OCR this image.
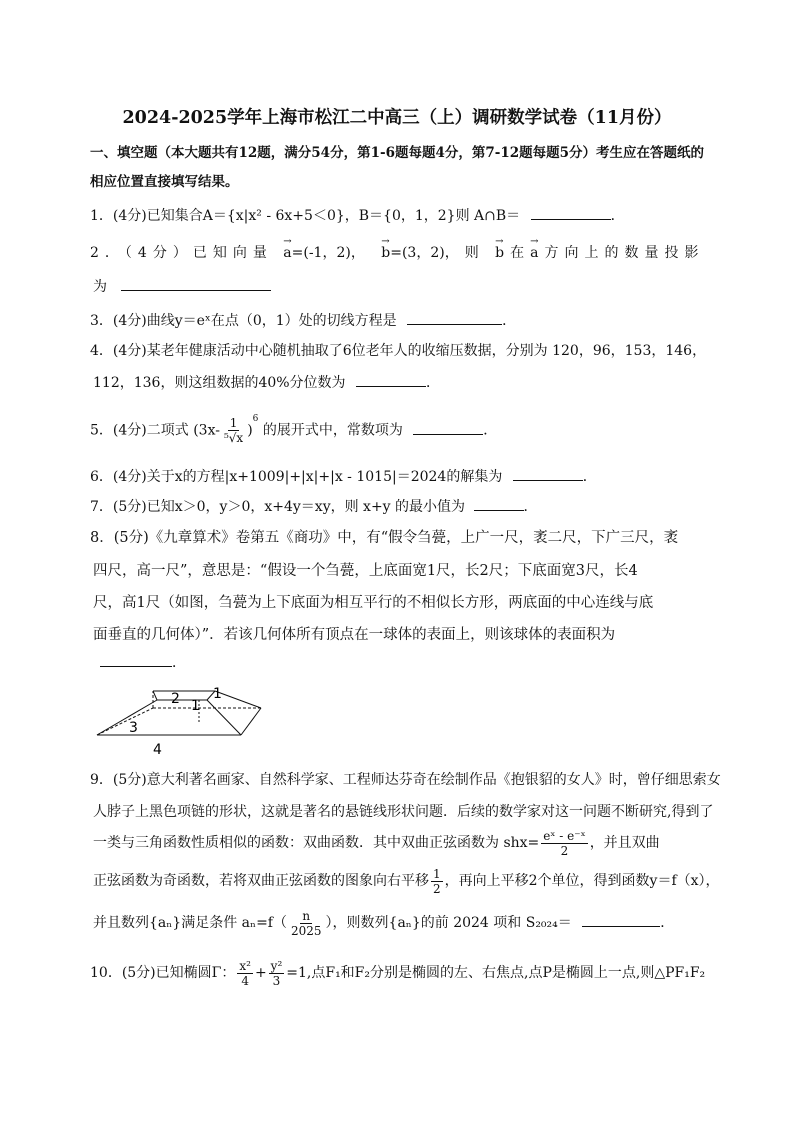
2024-2025学年上海市松江二中高三（上）调研数学试卷（11月份）
一、填空题（本大题共有12题，满分54分，第1-6题每题4分，第7-12题每题5分）考生应在答题纸的
相应位置直接填写结果。
1．(4分)已知集合A＝{x|x² - 6x+5＜0}，B＝{0，1，2}则 A∩B＝	．
2．（4分）已知向量 → a=(-1，2)， → b=(3，2)，则 → b在→ a方向上的数量投影
为
3．(4分)曲线y＝eˣ在点（0，1）处的切线方程是	．
4．(4分)某老年健康活动中心随机抽取了6位老年人的收缩压数据，分别为 120，96，153，146，
112，136，则这组数据的40%分位数为	．
5．(4分)二项式 $(3x- \frac{1}{\text{⁵√x}} )^6$ 的展开式中，常数项为	．
6．(4分)关于x的方程|x+1009|+|x|+|x - 1015|＝2024的解集为	．
7．(5分)已知x＞0，y＞0，x+4y＝xy，则 x+y 的最小值为	．
8．(5分)《九章算术》卷第五《商功》中，有“假令刍甍，上广一尺，袤二尺，下广三尺，袤
四尺，高一尺”，意思是：“假设一个刍甍，上底面宽1尺，长2尺；下底面宽3尺，长4
尺，高1尺（如图，刍甍为上下底面为相互平行的不相似长方形，两底面的中心连线与底
面垂直的几何体）”．若该几何体所有顶点在一球体的表面上，则该球体的表面积为
．
2 1
1
3
4
9．(5分)意大利著名画家、自然科学家、工程师达芬奇在绘制作品《抱银貂的女人》时，曾仔细思索女
人脖子上黑色项链的形状，这就是著名的悬链线形状问题．后续的数学家对这一问题不断研究,得到了
一类与三角函数性质相似的函数：双曲函数．其中双曲正弦函数为 $shx= \frac{\text{eˣ - e⁻ˣ}}{2}$ ，并且双曲
正弦函数为奇函数，若将双曲正弦函数的图象向右平移 $\frac{1}{2}$ ，再向上平移2个单位，得到函数y＝f（x），
并且数列{aₙ}满足条件 $a_n=f( \frac{n}{2025}$ ），则数列{aₙ}的前 2024 项和 S₂₀₂₄＝	．
10．(5分)已知椭圆Γ： $\frac{\text{x²}}{4} + \frac{\text{y²}}{3} =1$,点F₁和F₂分别是椭圆的左、右焦点,点P是椭圆上一点,则△PF₁F₂
